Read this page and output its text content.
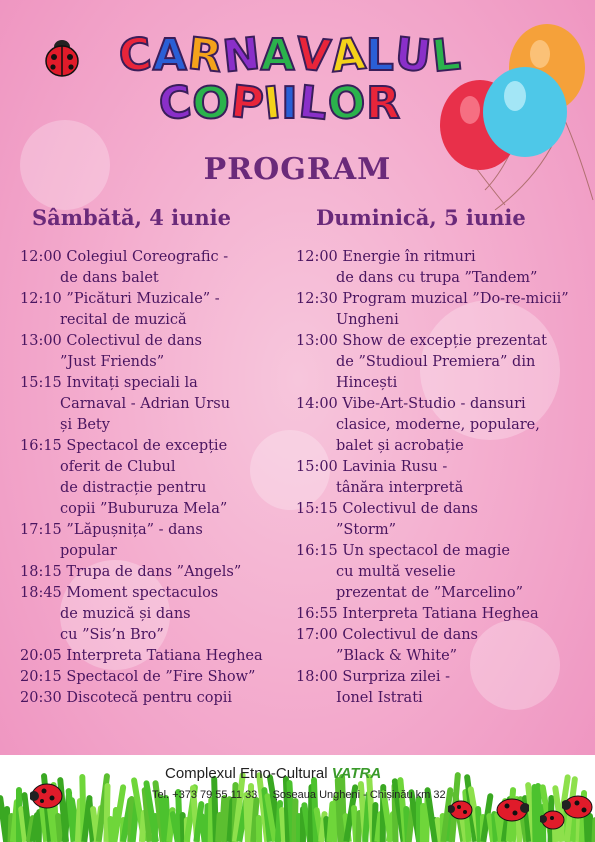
CARNAVALUL
COPIILOR
PROGRAM
Sâmbătă, 4 iunie	Duminică, 5 iunie
12:00 Colegiul Coreografic -
de dans balet
12:10 ”Picături Muzicale” -
recital de muzică
13:00 Colectivul de dans
”Just Friends”
15:15 Invitați speciali la
Carnaval - Adrian Ursu
și Bety
16:15 Spectacol de excepție
oferit de Clubul
de distracție pentru
copii ”Buburuza Mela”
17:15 ”Lăpușnița” - dans
popular
18:15 Trupa de dans ”Angels”
18:45 Moment spectaculos
de muzică și dans
cu ”Sis’n Bro”
20:05 Interpreta Tatiana Heghea
20:15 Spectacol de ”Fire Show”
20:30 Discotecă pentru copii
12:00 Energie în ritmuri
de dans cu trupa ”Tandem”
12:30 Program muzical ”Do-re-micii”
Ungheni
13:00 Show de excepție prezentat
de ”Studioul Premiera” din
Hincești
14:00 Vibe-Art-Studio - dansuri
clasice, moderne, populare,
balet și acrobație
15:00 Lavinia Rusu -
tânăra interpretă
15:15 Colectivul de dans
”Storm”
16:15 Un spectacol de magie
cu multă veselie
prezentat de ”Marcelino”
16:55 Interpreta Tatiana Heghea
17:00 Colectivul de dans
”Black & White”
18:00 Surpriza zilei -
Ionel Istrati
Complexul Etno-Cultural VATRA
Tel. +373 79 55 11 33 Șoseaua Ungheni - Chișinău km 32
